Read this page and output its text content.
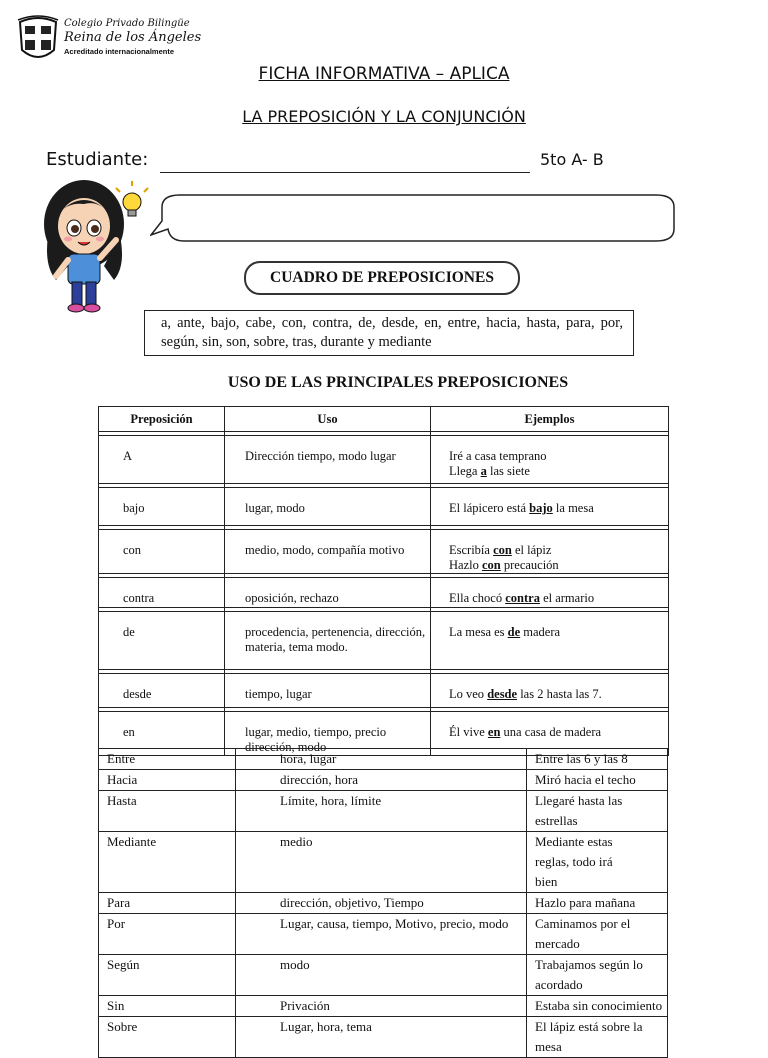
Colegio Privado Bilingüe
Reina de los Ángeles
Acreditado internacionalmente
FICHA INFORMATIVA – APLICA
LA PREPOSICIÓN Y LA CONJUNCIÓN
Estudiante:	5to A- B
CUADRO DE PREPOSICIONES
a, ante, bajo, cabe, con, contra, de, desde, en, entre, hacia, hasta, para, por, según, sin, son, sobre, tras, durante y mediante
USO DE LAS PRINCIPALES PREPOSICIONES
Preposición	Uso	Ejemplos

A	Dirección tiempo, modo lugar	Iré a casa temprano
Llega a las siete

bajo	lugar, modo	El lápicero está bajo la mesa

con	medio, modo, compañía motivo	Escribía con el lápiz
Hazlo con precaución

contra	oposición, rechazo	Ella chocó contra el armario

de	procedencia, pertenencia, dirección, materia, tema modo.	La mesa es de madera

desde	tiempo, lugar	Lo veo desde las 2 hasta las 7.

en	lugar, medio, tiempo, precio dirección, modo	Él vive en una casa de madera
Entre	hora, lugar	Entre las 6 y las 8
Hacia	dirección, hora	Miró hacia el techo
Hasta	Límite, hora, límite	Llegaré hasta las estrellas
Mediante	medio	Mediante estas reglas, todo irá bien
Para	dirección, objetivo, Tiempo	Hazlo para mañana
Por	Lugar, causa, tiempo, Motivo, precio, modo	Caminamos por el mercado
Según	modo	Trabajamos según lo acordado
Sin	Privación	Estaba sin conocimiento
Sobre	Lugar, hora, tema	El lápiz está sobre la mesa
